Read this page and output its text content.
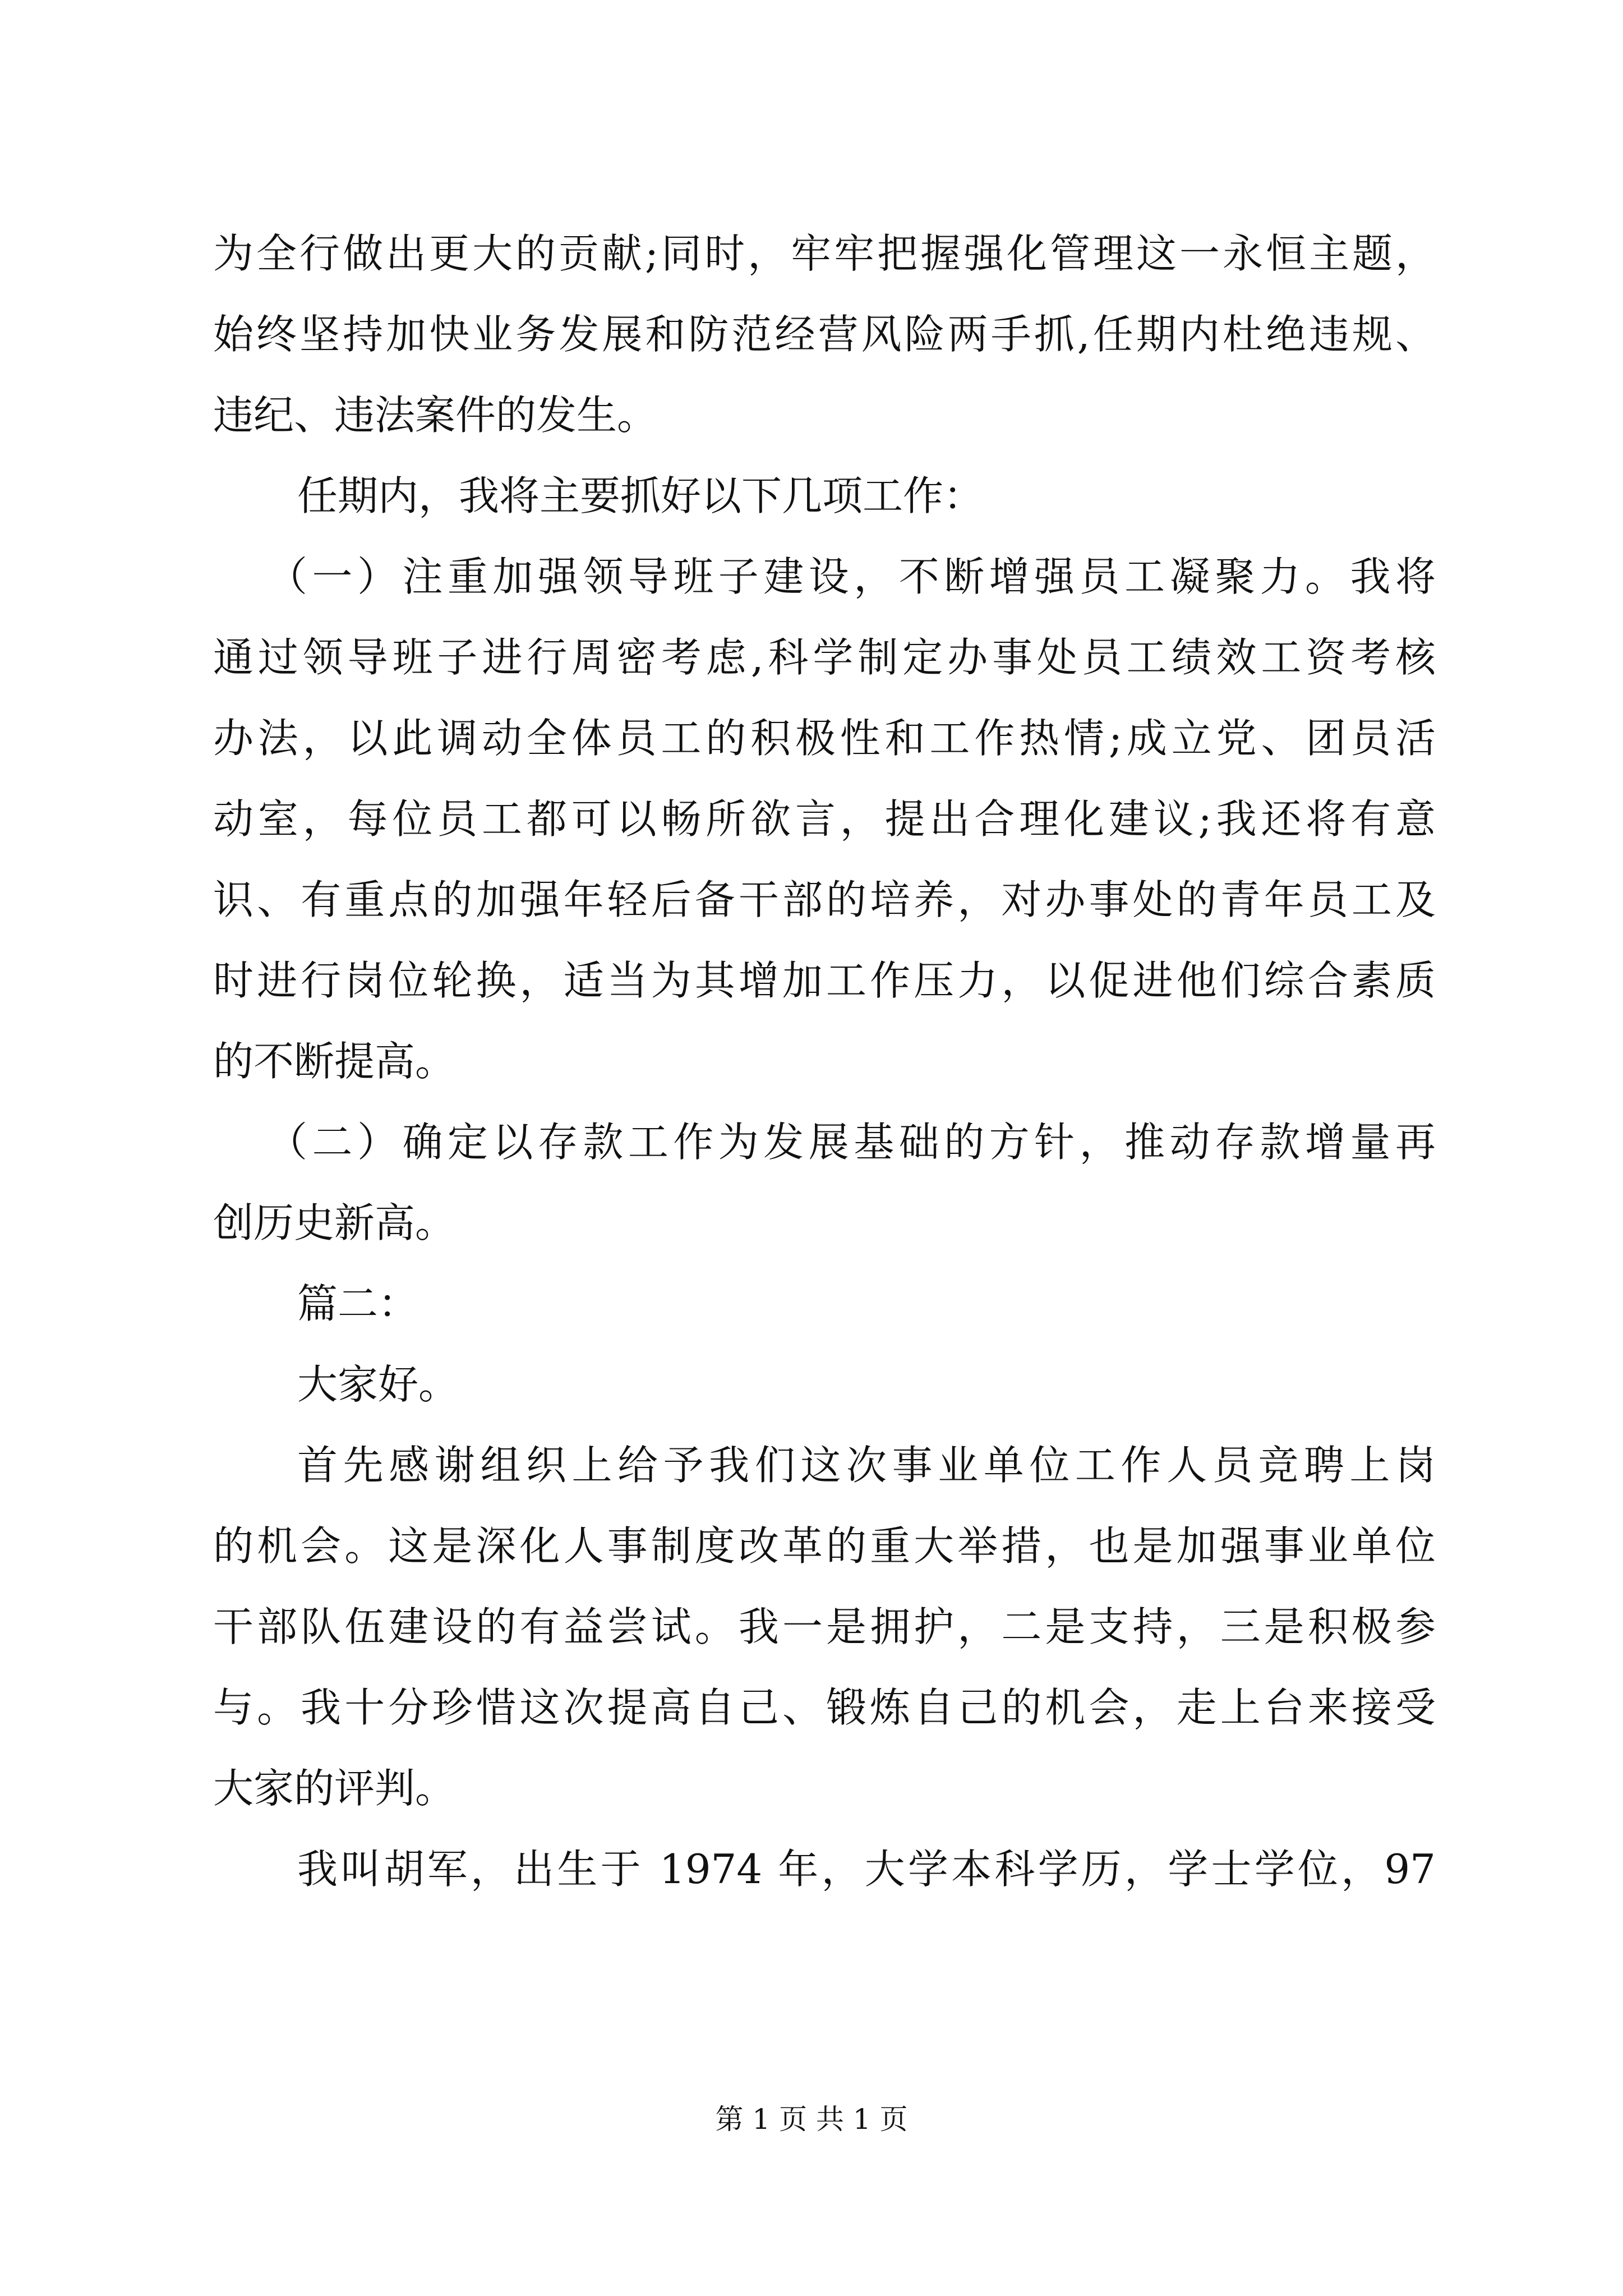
为全行做出更大的贡献;同时，牢牢把握强化管理这一永恒主题，
始终坚持加快业务发展和防范经营风险两手抓,任期内杜绝违规、
违纪、违法案件的发生。
任期内，我将主要抓好以下几项工作：
（一）注重加强领导班子建设，不断增强员工凝聚力。我将
通过领导班子进行周密考虑,科学制定办事处员工绩效工资考核
办法，以此调动全体员工的积极性和工作热情;成立党、团员活
动室，每位员工都可以畅所欲言，提出合理化建议;我还将有意
识、有重点的加强年轻后备干部的培养，对办事处的青年员工及
时进行岗位轮换，适当为其增加工作压力，以促进他们综合素质
的不断提高。
（二）确定以存款工作为发展基础的方针，推动存款增量再
创历史新高。
篇二：
大家好。
首先感谢组织上给予我们这次事业单位工作人员竞聘上岗
的机会。这是深化人事制度改革的重大举措，也是加强事业单位
干部队伍建设的有益尝试。我一是拥护，二是支持，三是积极参
与。我十分珍惜这次提高自己、锻炼自己的机会，走上台来接受
大家的评判。
我叫胡军，出生于 1974 年，大学本科学历，学士学位，97
第 1 页 共 1 页
